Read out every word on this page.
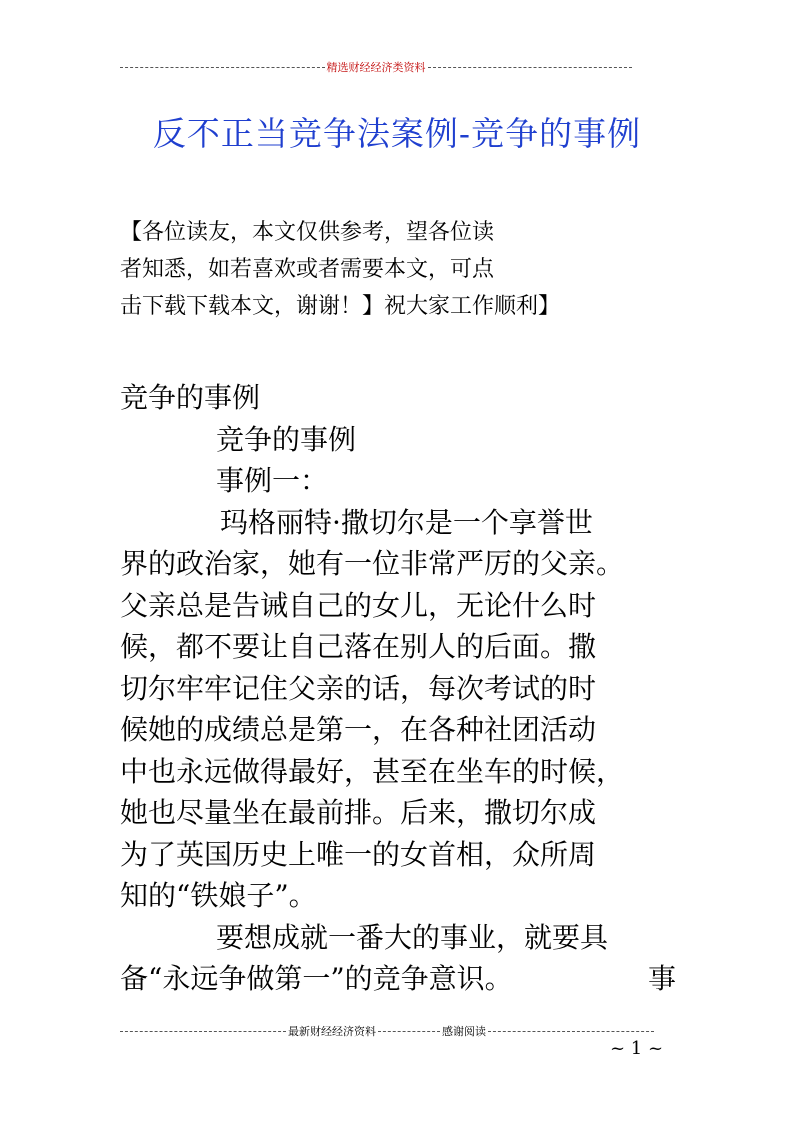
精选财经经济类资料
反不正当竞争法案例-竞争的事例
【各位读友，本文仅供参考，望各位读
者知悉，如若喜欢或者需要本文，可点
击下载下载本文，谢谢！】祝大家工作顺利】
竞争的事例
竞争的事例
事例一：
玛格丽特·撒切尔是一个享誉世
界的政治家，她有一位非常严厉的父亲。
父亲总是告诫自己的女儿，无论什么时
候，都不要让自己落在别人的后面。撒
切尔牢牢记住父亲的话，每次考试的时
候她的成绩总是第一，在各种社团活动
中也永远做得最好，甚至在坐车的时候，
她也尽量坐在最前排。后来，撒切尔成
为了英国历史上唯一的女首相，众所周
知的“铁娘子”。
要想成就一番大的事业，就要具
备“永远争做第一”的竞争意识。	事
最新财经经济资料	感谢阅读
~ 1 ~
